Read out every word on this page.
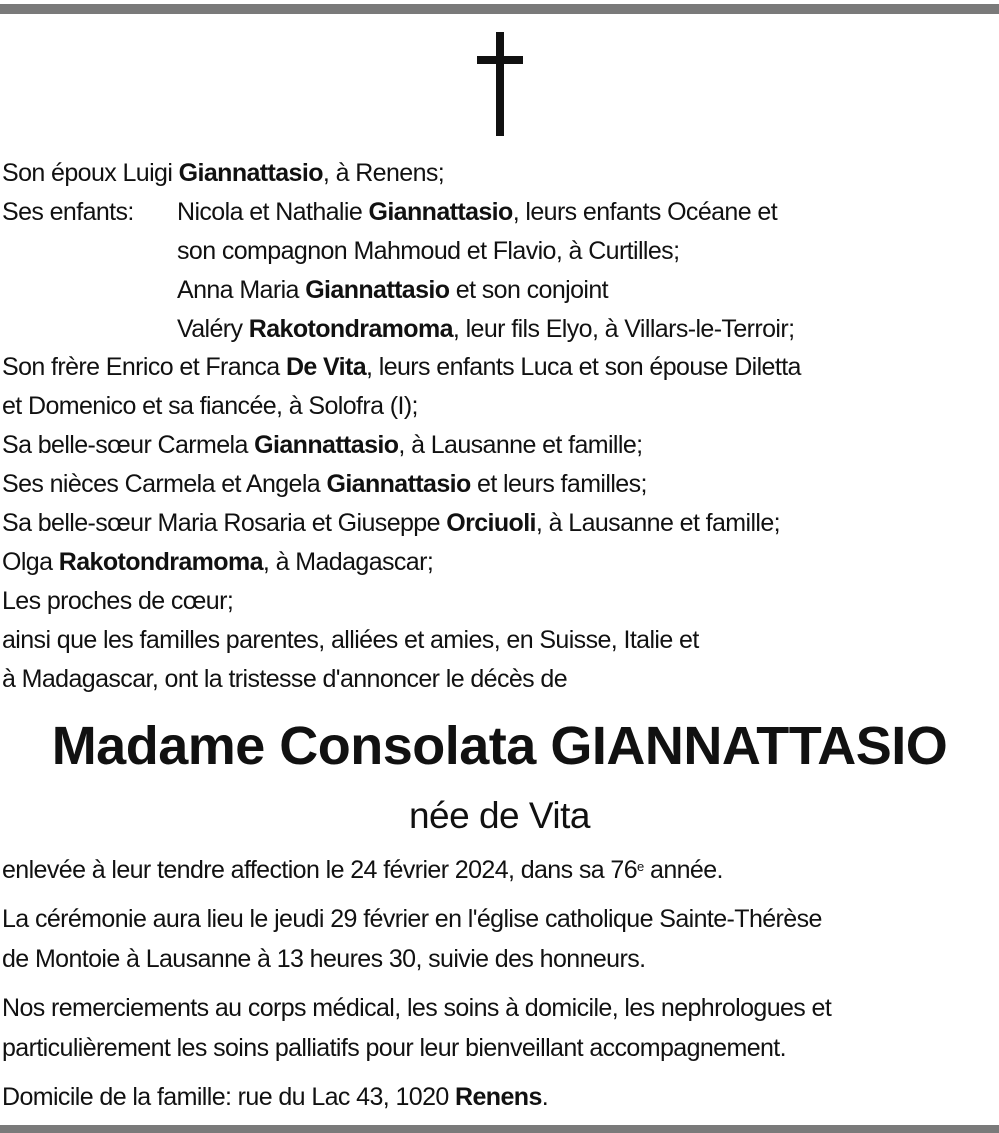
Son époux Luigi Giannattasio, à Renens;
Ses enfants: Nicola et Nathalie Giannattasio, leurs enfants Océane et
son compagnon Mahmoud et Flavio, à Curtilles;
Anna Maria Giannattasio et son conjoint
Valéry Rakotondramoma, leur fils Elyo, à Villars-le-Terroir;
Son frère Enrico et Franca De Vita, leurs enfants Luca et son épouse Diletta
et Domenico et sa fiancée, à Solofra (I);
Sa belle-sœur Carmela Giannattasio, à Lausanne et famille;
Ses nièces Carmela et Angela Giannattasio et leurs familles;
Sa belle-sœur Maria Rosaria et Giuseppe Orciuoli, à Lausanne et famille;
Olga Rakotondramoma, à Madagascar;
Les proches de cœur;
ainsi que les familles parentes, alliées et amies, en Suisse, Italie et
à Madagascar, ont la tristesse d'annoncer le décès de
Madame Consolata GIANNATTASIO
née de Vita
enlevée à leur tendre affection le 24 février 2024, dans sa 76e année.
La cérémonie aura lieu le jeudi 29 février en l'église catholique Sainte-Thérèse
de Montoie à Lausanne à 13 heures 30, suivie des honneurs.
Nos remerciements au corps médical, les soins à domicile, les nephrologues et
particulièrement les soins palliatifs pour leur bienveillant accompagnement.
Domicile de la famille: rue du Lac 43, 1020 Renens.
